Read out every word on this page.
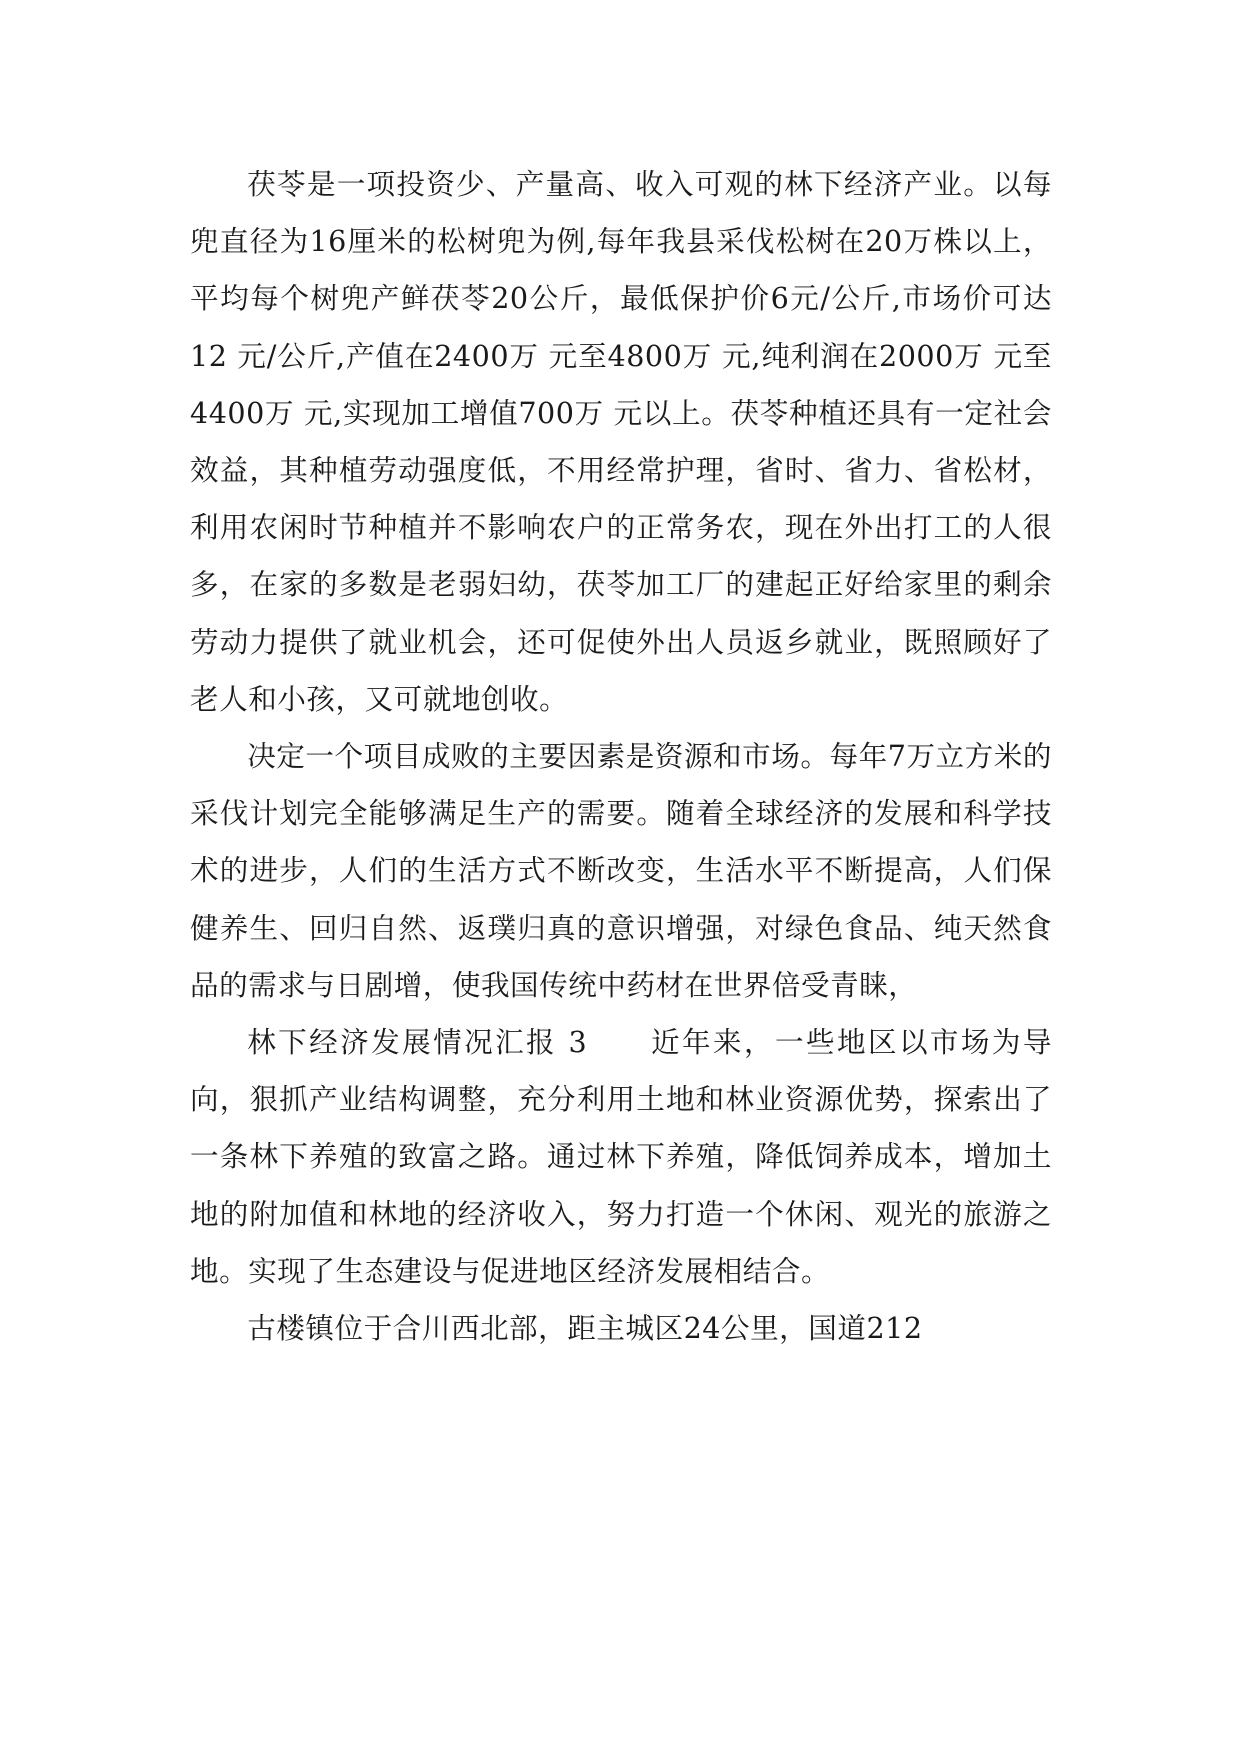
茯苓是一项投资少、产量高、收入可观的林下经济产业。以每兜直径为16厘米的松树兜为例,每年我县采伐松树在20万株以上，平均每个树兜产鲜茯苓20公斤，最低保护价6元/公斤,市场价可达12 元/公斤,产值在2400万 元至4800万 元,纯利润在2000万 元至4400万 元,实现加工增值700万 元以上。茯苓种植还具有一定社会效益，其种植劳动强度低，不用经常护理，省时、省力、省松材，利用农闲时节种植并不影响农户的正常务农，现在外出打工的人很多，在家的多数是老弱妇幼，茯苓加工厂的建起正好给家里的剩余劳动力提供了就业机会，还可促使外出人员返乡就业，既照顾好了老人和小孩，又可就地创收。

决定一个项目成败的主要因素是资源和市场。每年7万立方米的采伐计划完全能够满足生产的需要。随着全球经济的发展和科学技术的进步，人们的生活方式不断改变，生活水平不断提高，人们保健养生、回归自然、返璞归真的意识增强，对绿色食品、纯天然食品的需求与日剧增，使我国传统中药材在世界倍受青睐，

林下经济发展情况汇报 3　　近年来，一些地区以市场为导向，狠抓产业结构调整，充分利用土地和林业资源优势，探索出了一条林下养殖的致富之路。通过林下养殖，降低饲养成本，增加土地的附加值和林地的经济收入，努力打造一个休闲、观光的旅游之地。实现了生态建设与促进地区经济发展相结合。

古楼镇位于合川西北部，距主城区24公里，国道212
